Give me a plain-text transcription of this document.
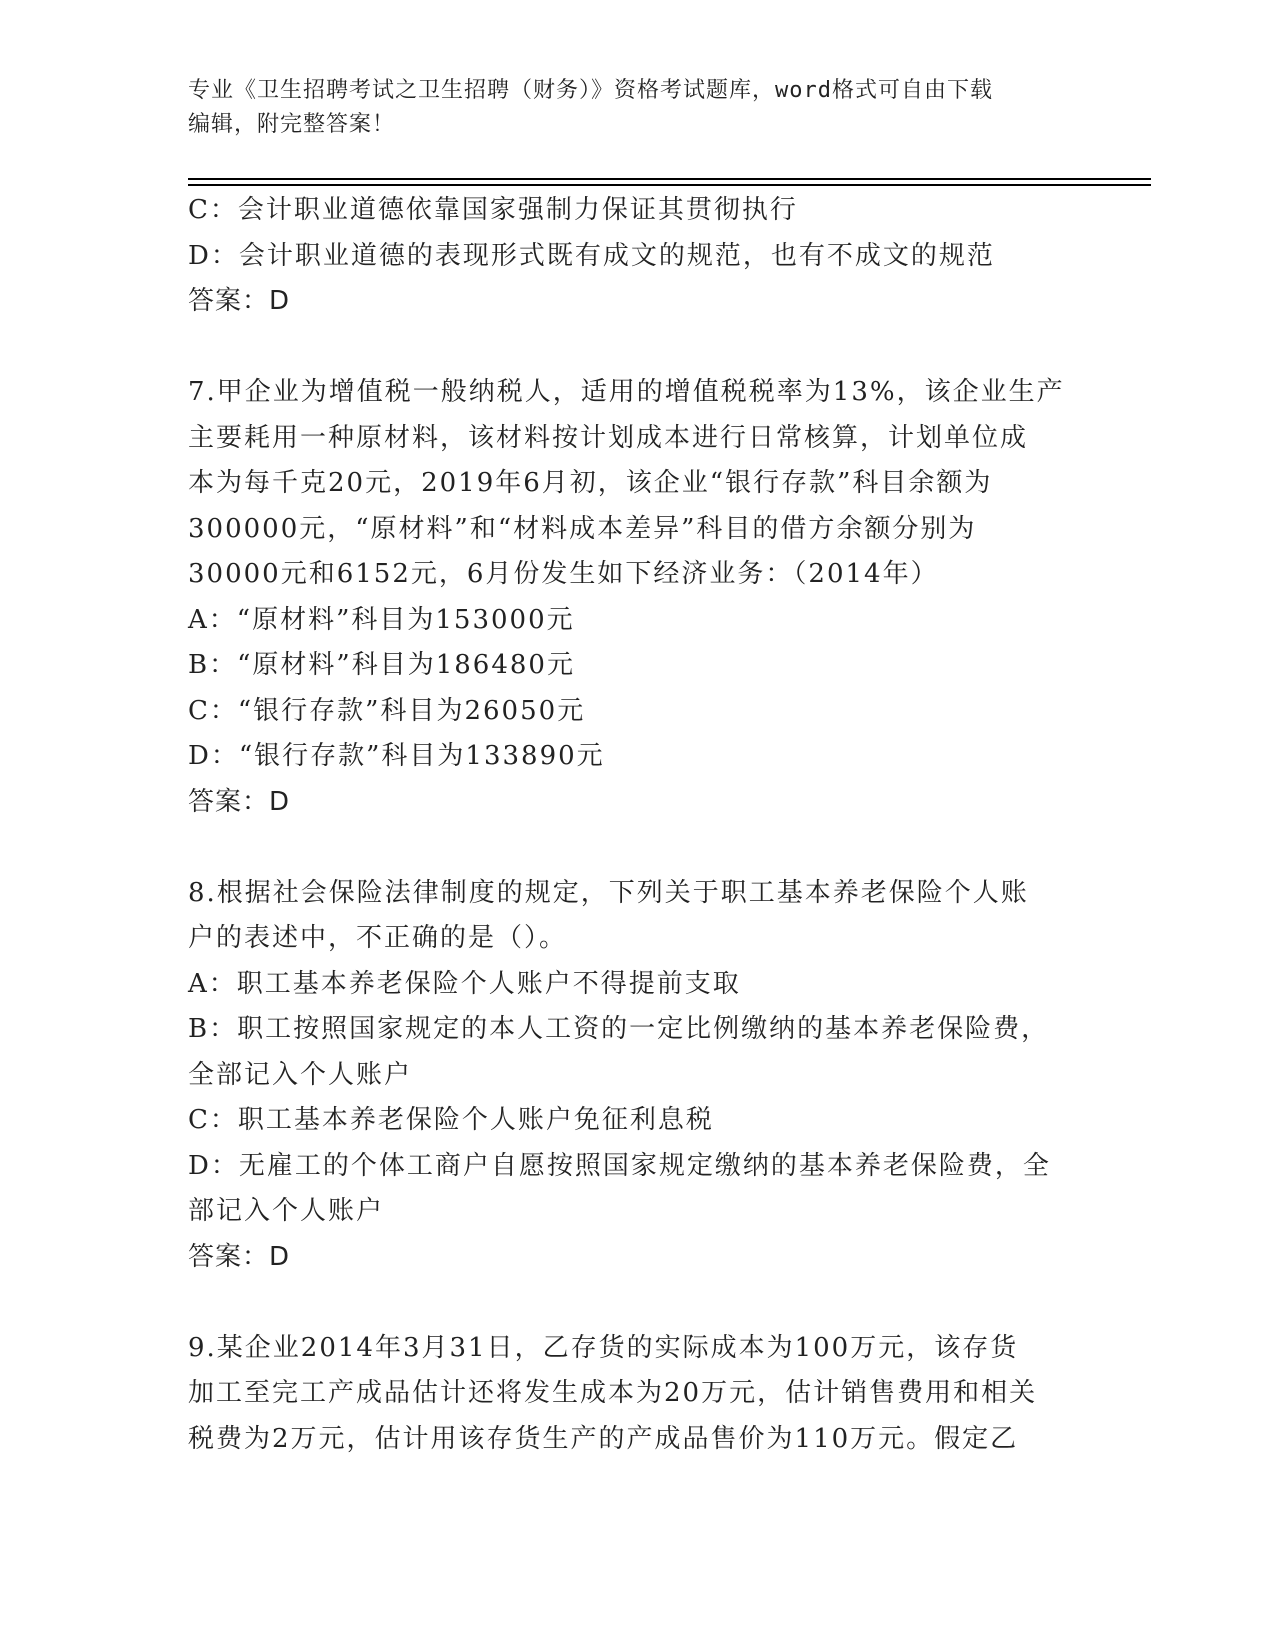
专业《卫生招聘考试之卫生招聘（财务）》资格考试题库，word格式可自由下载
编辑，附完整答案！
C：会计职业道德依靠国家强制力保证其贯彻执行
D：会计职业道德的表现形式既有成文的规范，也有不成文的规范
答案：D
7.甲企业为增值税一般纳税人，适用的增值税税率为13%，该企业生产
主要耗用一种原材料，该材料按计划成本进行日常核算，计划单位成
本为每千克20元，2019年6月初，该企业“银行存款”科目余额为
300000元，“原材料”和“材料成本差异”科目的借方余额分别为
30000元和6152元，6月份发生如下经济业务：（2014年）
A：“原材料”科目为153000元
B：“原材料”科目为186480元
C：“银行存款”科目为26050元
D：“银行存款”科目为133890元
答案：D
8.根据社会保险法律制度的规定，下列关于职工基本养老保险个人账
户的表述中，不正确的是（）。
A：职工基本养老保险个人账户不得提前支取
B：职工按照国家规定的本人工资的一定比例缴纳的基本养老保险费，
全部记入个人账户
C：职工基本养老保险个人账户免征利息税
D：无雇工的个体工商户自愿按照国家规定缴纳的基本养老保险费，全
部记入个人账户
答案：D
9.某企业2014年3月31日，乙存货的实际成本为100万元，该存货
加工至完工产成品估计还将发生成本为20万元，估计销售费用和相关
税费为2万元，估计用该存货生产的产成品售价为110万元。假定乙
